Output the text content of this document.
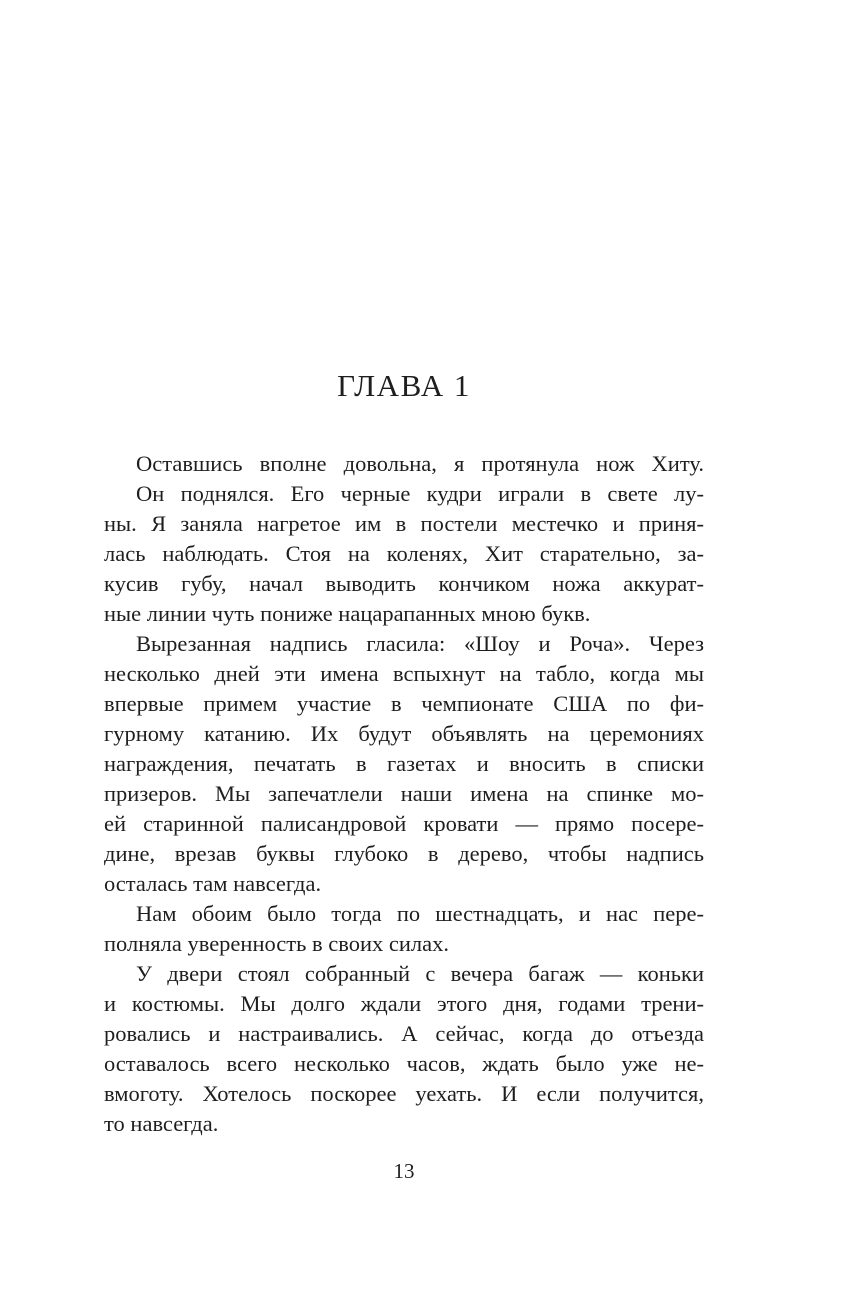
ГЛАВА 1
Оставшись вполне довольна, я протянула нож Хиту.
Он поднялся. Его черные кудри играли в свете лу-
ны. Я заняла нагретое им в постели местечко и приня-
лась наблюдать. Стоя на коленях, Хит старательно, за-
кусив губу, начал выводить кончиком ножа аккурат-
ные линии чуть пониже нацарапанных мною букв.
Вырезанная надпись гласила: «Шоу и Роча». Через
несколько дней эти имена вспыхнут на табло, когда мы
впервые примем участие в чемпионате США по фи-
гурному катанию. Их будут объявлять на церемониях
награждения, печатать в газетах и вносить в списки
призеров. Мы запечатлели наши имена на спинке мо-
ей старинной палисандровой кровати — прямо посере-
дине, врезав буквы глубоко в дерево, чтобы надпись
осталась там навсегда.
Нам обоим было тогда по шестнадцать, и нас пере-
полняла уверенность в своих силах.
У двери стоял собранный с вечера багаж — коньки
и костюмы. Мы долго ждали этого дня, годами трени-
ровались и настраивались. А сейчас, когда до отъезда
оставалось всего несколько часов, ждать было уже не-
вмоготу. Хотелось поскорее уехать. И если получится,
то навсегда.
13
